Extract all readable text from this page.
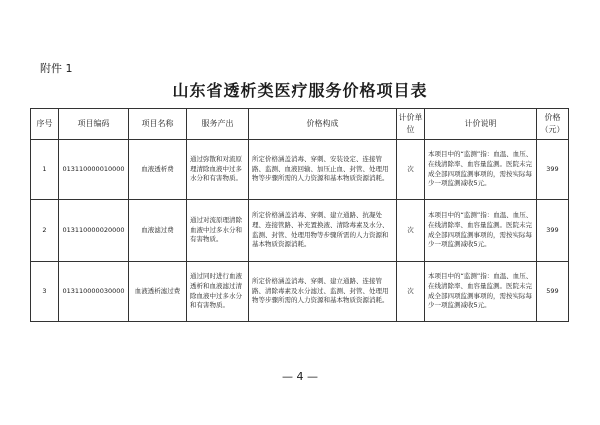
附件 1
山东省透析类医疗服务价格项目表
序号	项目编码	项目名称	服务产出	价格构成	计价单位	计价说明	价格（元）
1	013110000010000	血液透析费	通过弥散和对流原理清除血液中过多水分和有害物质。	所定价格涵盖消毒、穿刺、安装设定、连接管路、监测、血液回输、加压止血、封管、处理用物等步骤所需的人力资源和基本物质资源消耗。	次	本项目中的“监测”指：血温、血压、在线清除率、血容量监测。医院未完成全部四项监测事项的，需按实际每少一项监测减收5元。	399
2	013110000020000	血液滤过费	通过对流原理清除血液中过多水分和有害物质。	所定价格涵盖消毒、穿刺、建立通路、抗凝处理、连接管路、补充置换液、清除毒素及水分、监测、封管、处理用物等步骤所需的人力资源和基本物质资源消耗。	次	本项目中的“监测”指：血温、血压、在线清除率、血容量监测。医院未完成全部四项监测事项的，需按实际每少一项监测减收5元。	399
3	013110000030000	血液透析滤过费	通过同时进行血液透析和血液滤过清除血液中过多水分和有害物质。	所定价格涵盖消毒、穿刺、建立通路、连接管路、清除毒素及水分滤过、监测、封管、处理用物等步骤所需的人力资源和基本物质资源消耗。	次	本项目中的“监测”指：血温、血压、在线清除率、血容量监测。医院未完成全部四项监测事项的，需按实际每少一项监测减收5元。	599
— 4 —
